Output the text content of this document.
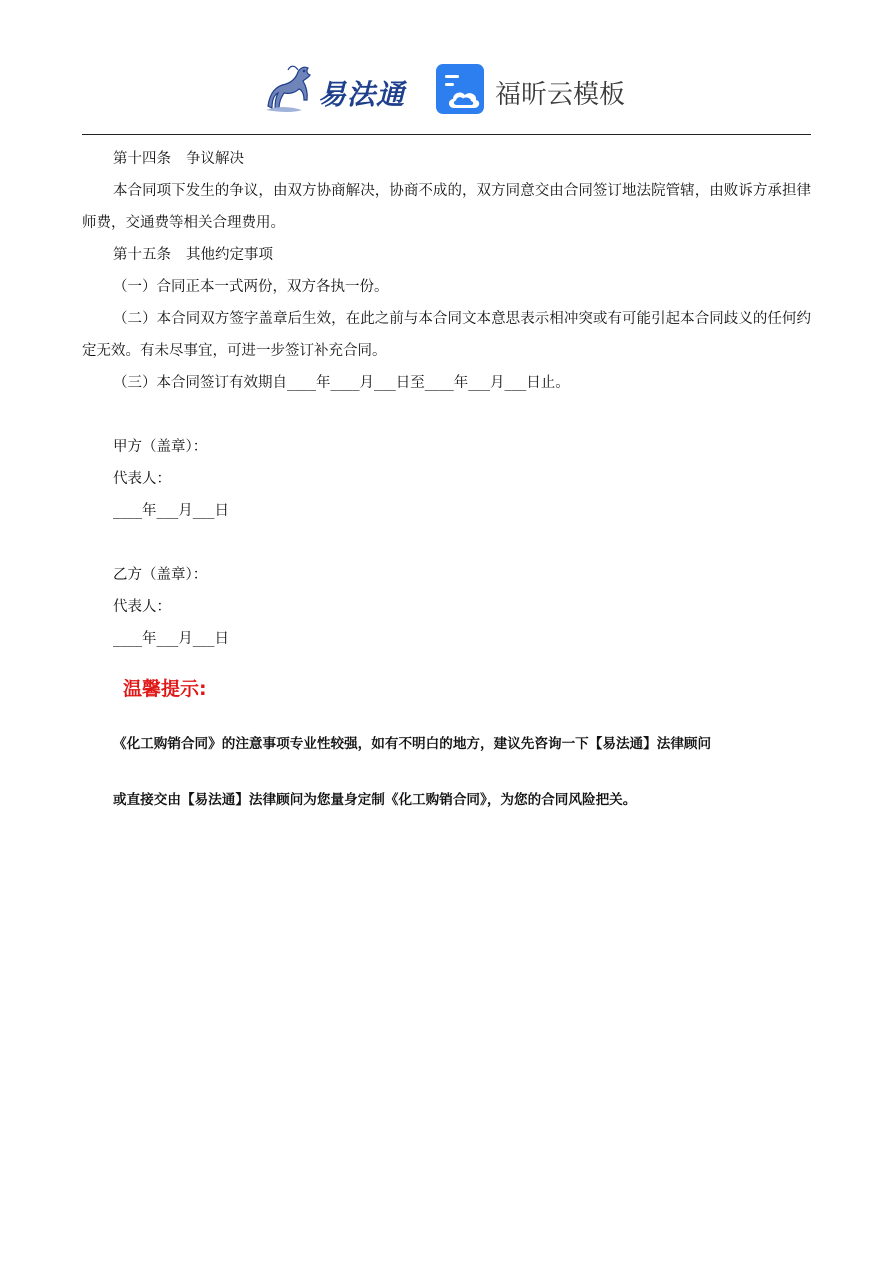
易法通	福昕云模板

第十四条 争议解决

本合同项下发生的争议，由双方协商解决，协商不成的，双方同意交由合同签订地法院管辖，由败诉方承担律师费，交通费等相关合理费用。

第十五条 其他约定事项

（一）合同正本一式两份，双方各执一份。

（二）本合同双方签字盖章后生效，在此之前与本合同文本意思表示相冲突或有可能引起本合同歧义的任何约定无效。有未尽事宜，可进一步签订补充合同。

（三）本合同签订有效期自____年____月___日至____年___月___日止。

甲方（盖章）：

代表人：

____年___月___日

乙方（盖章）：

代表人：

____年___月___日

温馨提示:

《化工购销合同》的注意事项专业性较强，如有不明白的地方，建议先咨询一下【易法通】法律顾问

或直接交由【易法通】法律顾问为您量身定制《化工购销合同》，为您的合同风险把关。
